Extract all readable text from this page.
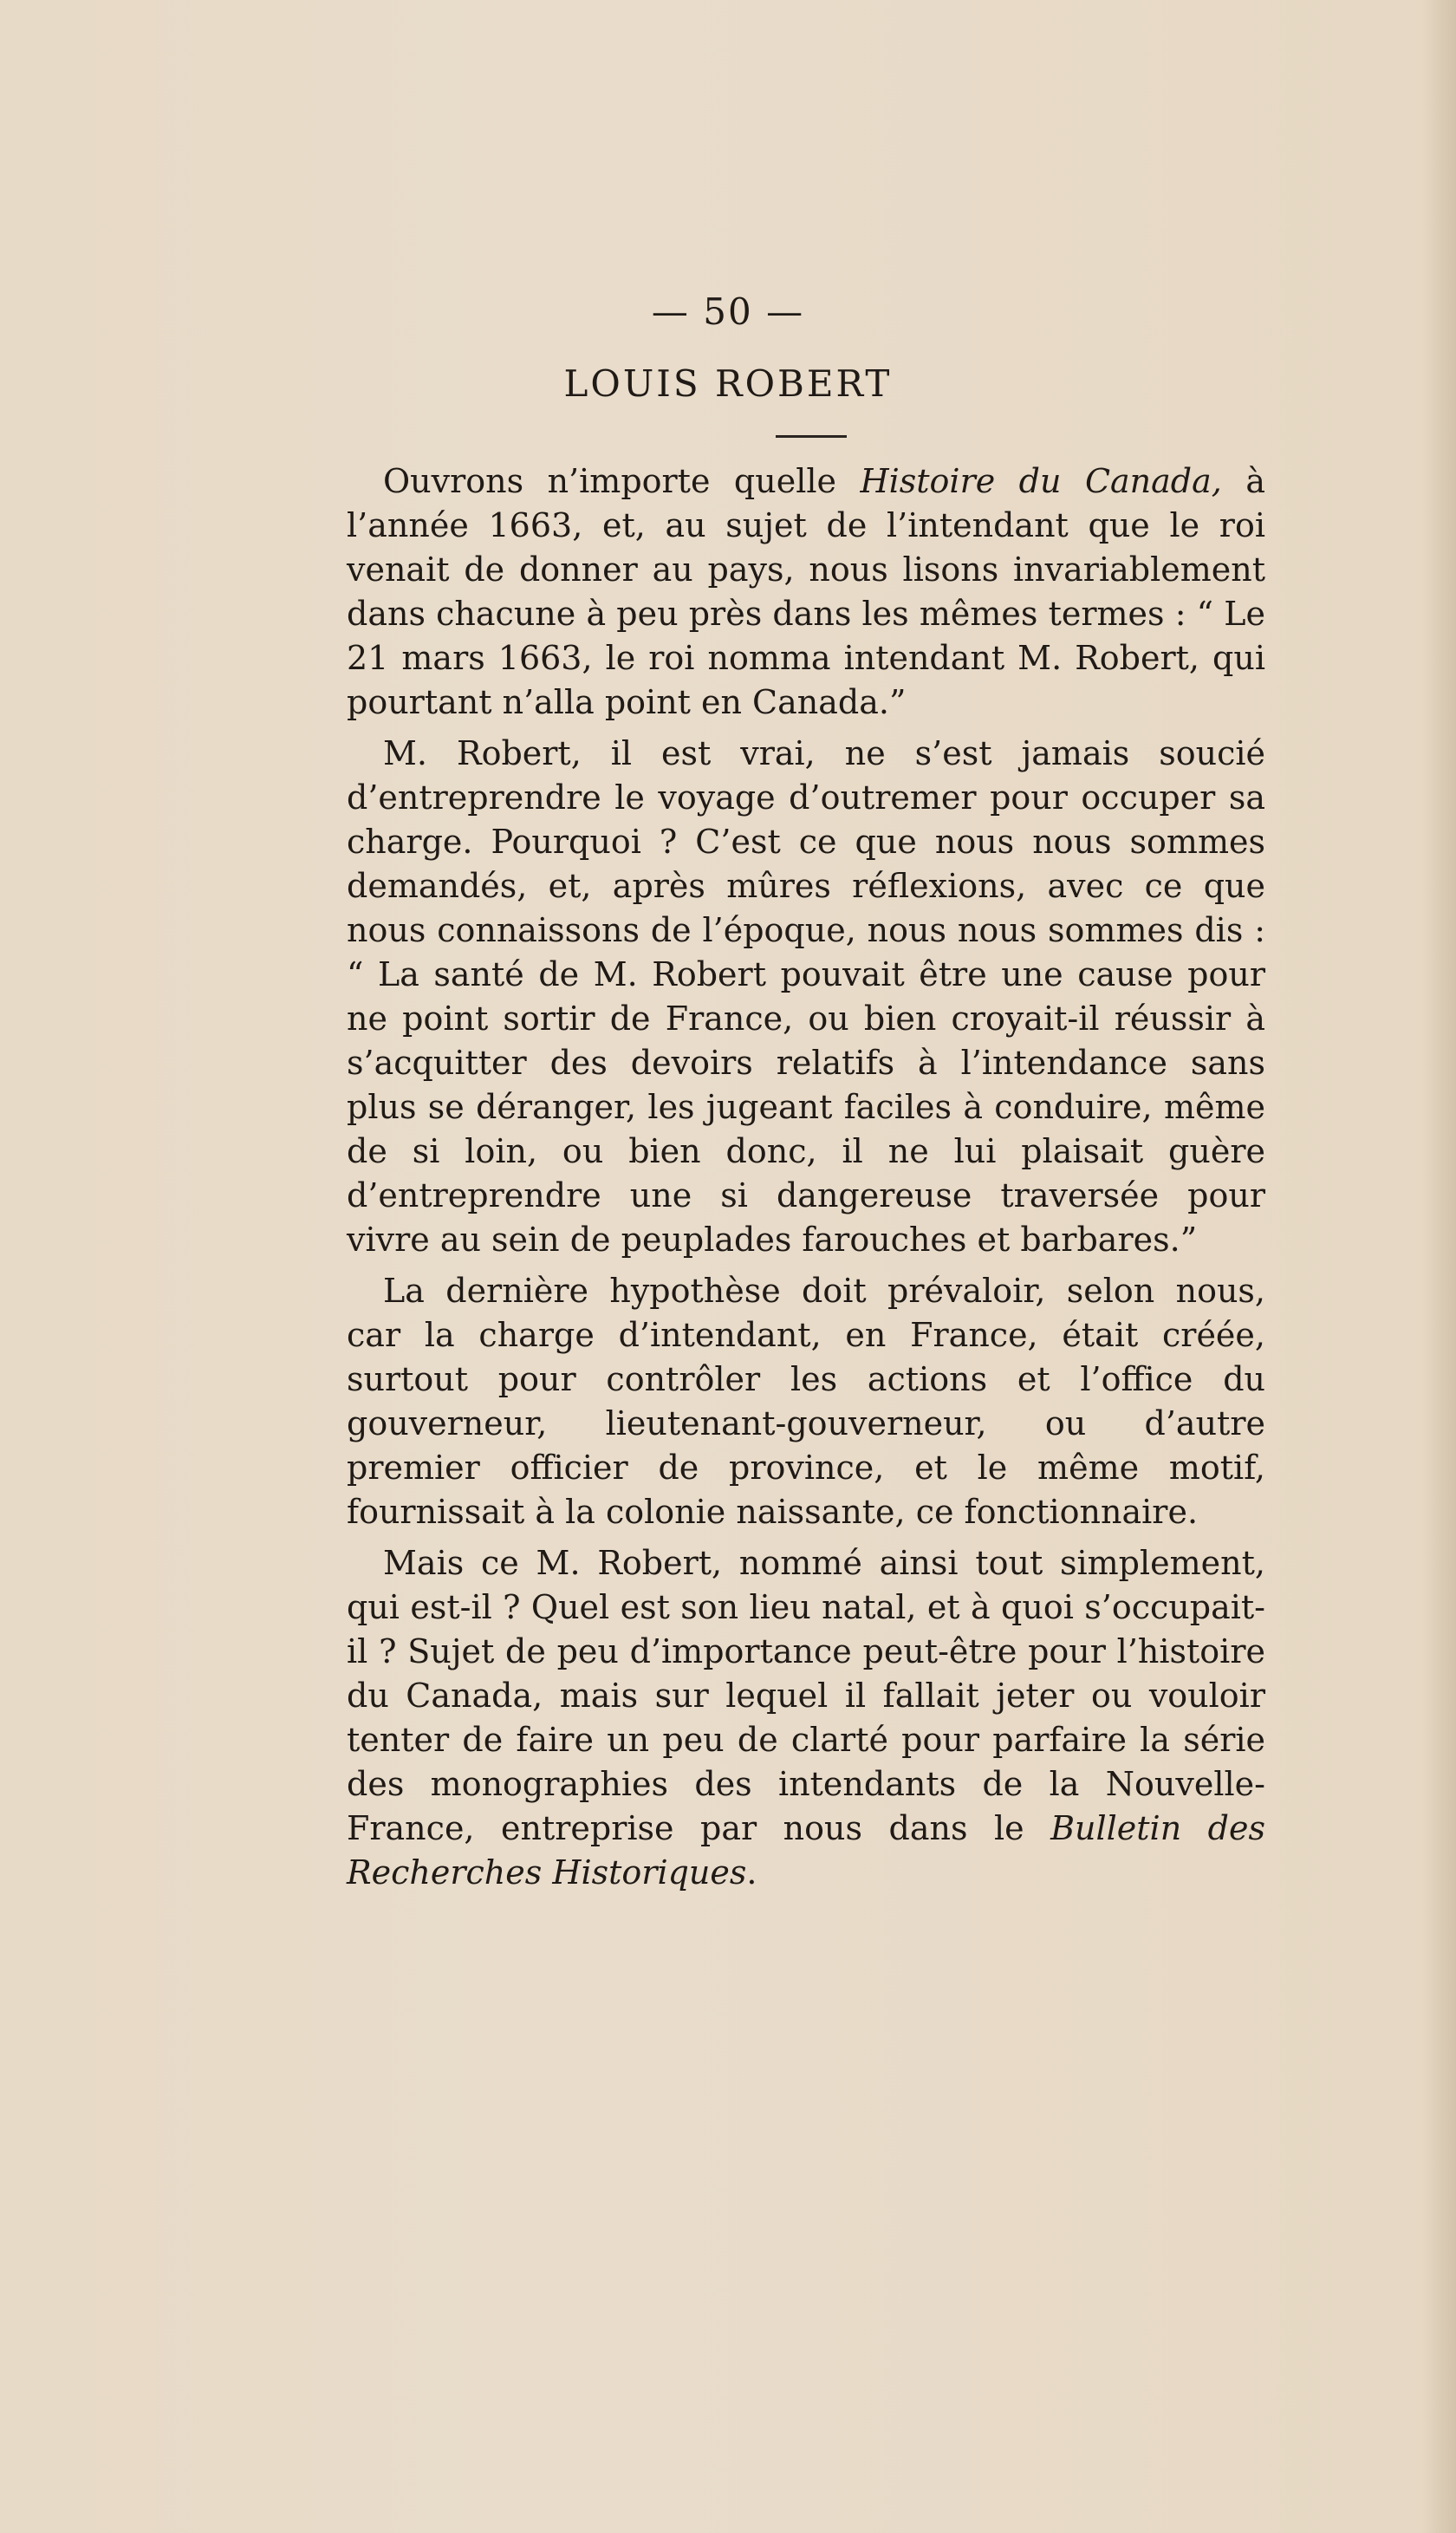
— 50 —
LOUIS ROBERT

Ouvrons n’importe quelle Histoire du Canada, à l’année 1663, et, au sujet de l’intendant que le roi venait de donner au pays, nous lisons invariablement dans chacune à peu près dans les mêmes termes : “ Le 21 mars 1663, le roi nomma intendant M. Robert, qui pourtant n’alla point en Canada.”

M. Robert, il est vrai, ne s’est jamais soucié d’entreprendre le voyage d’outremer pour occuper sa charge. Pourquoi ? C’est ce que nous nous sommes demandés, et, après mûres réflexions, avec ce que nous connaissons de l’époque, nous nous sommes dis : “ La santé de M. Robert pouvait être une cause pour ne point sortir de France, ou bien croyait-il réussir à s’acquitter des devoirs relatifs à l’intendance sans plus se déranger, les jugeant faciles à conduire, même de si loin, ou bien donc, il ne lui plaisait guère d’entreprendre une si dangereuse traversée pour vivre au sein de peuplades farouches et barbares.”

La dernière hypothèse doit prévaloir, selon nous, car la charge d’intendant, en France, était créée, surtout pour contrôler les actions et l’office du gouverneur, lieutenant-gouverneur, ou d’autre premier officier de province, et le même motif, fournissait à la colonie naissante, ce fonctionnaire.

Mais ce M. Robert, nommé ainsi tout simplement, qui est-il ? Quel est son lieu natal, et à quoi s’occupait-il ? Sujet de peu d’importance peut-être pour l’histoire du Canada, mais sur lequel il fallait jeter ou vouloir tenter de faire un peu de clarté pour parfaire la série des monographies des intendants de la Nouvelle-France, entreprise par nous dans le Bulletin des Recherches Historiques.
